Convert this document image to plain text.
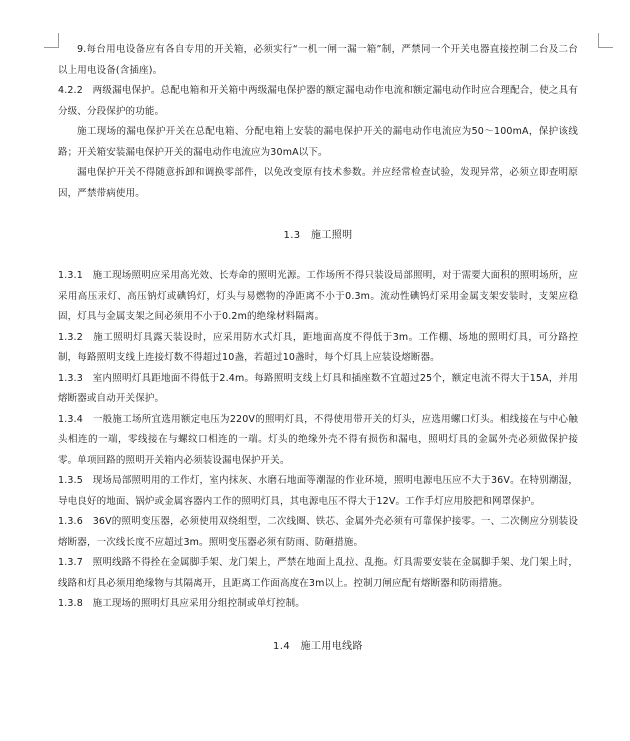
9.每台用电设备应有各自专用的开关箱，必须实行“一机一闸一漏一箱”制，严禁同一个开关电器直接控制二台及二台以上用电设备(含插座)。

4.2.2　两级漏电保护。总配电箱和开关箱中两级漏电保护器的额定漏电动作电流和额定漏电动作时应合理配合，使之具有分级、分段保护的功能。

施工现场的漏电保护开关在总配电箱、分配电箱上安装的漏电保护开关的漏电动作电流应为50～100mA，保护该线路；开关箱安装漏电保护开关的漏电动作电流应为30mA以下。

漏电保护开关不得随意拆卸和调换零部件，以免改变原有技术参数。并应经常检查试验，发现异常，必须立即查明原因，严禁带病使用。

1.3　施工照明

1.3.1　施工现场照明应采用高光效、长寿命的照明光源。工作场所不得只装设局部照明，对于需要大面积的照明场所，应采用高压汞灯、高压钠灯或碘钨灯，灯头与易燃物的净距离不小于0.3m。流动性碘钨灯采用金属支架安装时，支架应稳固，灯具与金属支架之间必须用不小于0.2m的绝缘材料隔离。

1.3.2　施工照明灯具露天装设时，应采用防水式灯具，距地面高度不得低于3m。工作棚、场地的照明灯具，可分路控制，每路照明支线上连接灯数不得超过10盏，若超过10盏时，每个灯具上应装设熔断器。

1.3.3　室内照明灯具距地面不得低于2.4m。每路照明支线上灯具和插座数不宜超过25个，额定电流不得大于15A，并用熔断器或自动开关保护。

1.3.4　一般施工场所宜选用额定电压为220V的照明灯具，不得使用带开关的灯头，应选用螺口灯头。相线接在与中心触头相连的一端，零线接在与螺纹口相连的一端。灯头的绝缘外壳不得有损伤和漏电，照明灯具的金属外壳必须做保护接零。单项回路的照明开关箱内必须装设漏电保护开关。

1.3.5　现场局部照明用的工作灯，室内抹灰、水磨石地面等潮湿的作业环境，照明电源电压应不大于36V。在特别潮湿，导电良好的地面、锅炉或金属容器内工作的照明灯具，其电源电压不得大于12V。工作手灯应用胶把和网罩保护。

1.3.6　36V的照明变压器，必须使用双绕组型，二次线圈、铁芯、金属外壳必须有可靠保护接零。一、二次侧应分别装设熔断器，一次线长度不应超过3m。照明变压器必须有防雨、防砸措施。

1.3.7　照明线路不得拴在金属脚手架、龙门架上，严禁在地面上乱拉、乱拖。灯具需要安装在金属脚手架、龙门架上时，线路和灯具必须用绝缘物与其隔离开，且距离工作面高度在3m以上。控制刀闸应配有熔断器和防雨措施。

1.3.8　施工现场的照明灯具应采用分组控制或单灯控制。

1.4　施工用电线路
